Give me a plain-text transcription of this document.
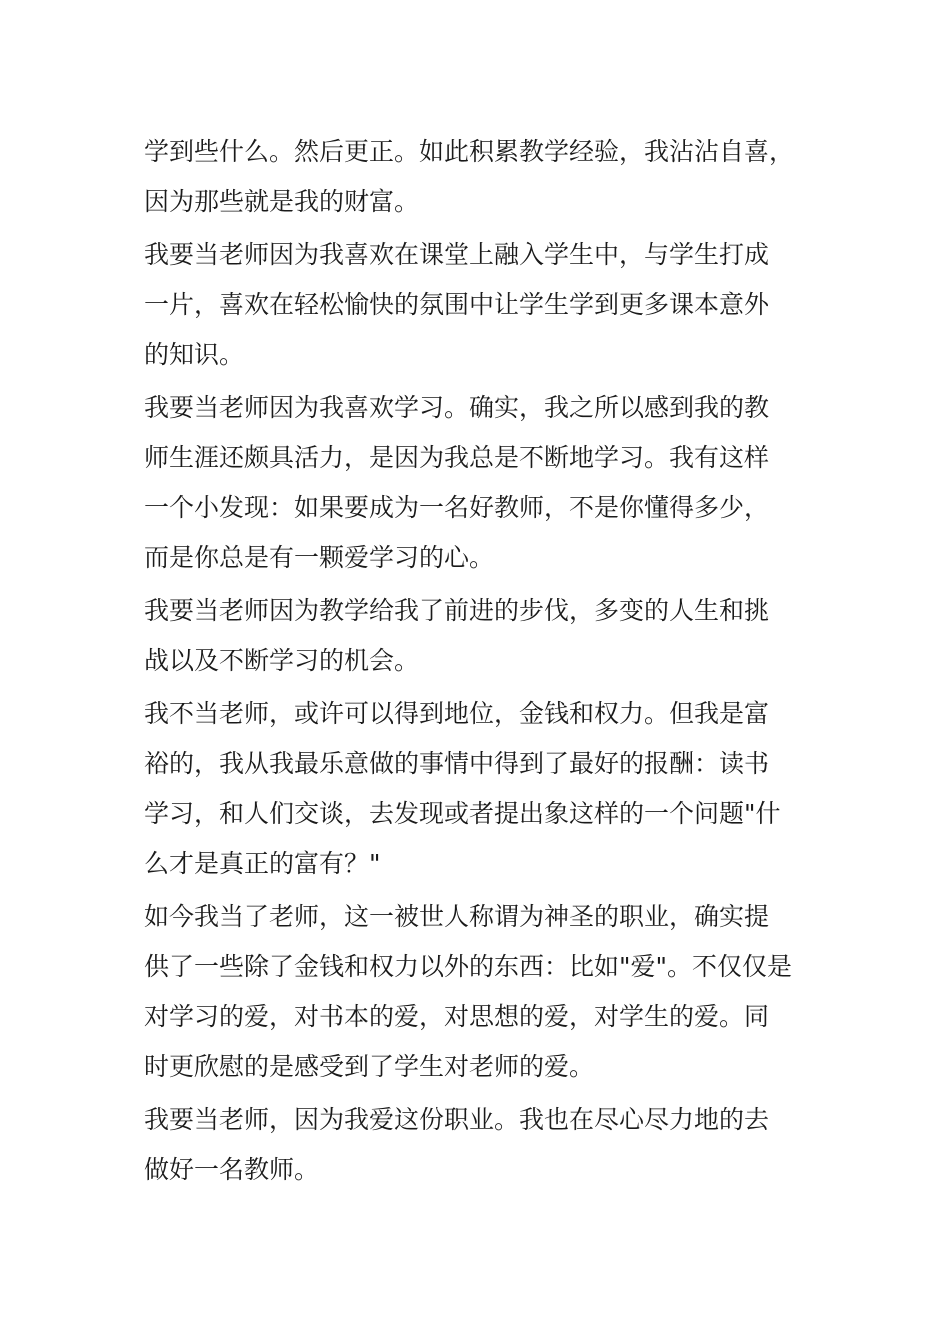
学到些什么。然后更正。如此积累教学经验，我沾沾自喜，
因为那些就是我的财富。

我要当老师因为我喜欢在课堂上融入学生中，与学生打成
一片，喜欢在轻松愉快的氛围中让学生学到更多课本意外
的知识。

我要当老师因为我喜欢学习。确实，我之所以感到我的教
师生涯还颇具活力，是因为我总是不断地学习。我有这样
一个小发现：如果要成为一名好教师，不是你懂得多少，
而是你总是有一颗爱学习的心。

我要当老师因为教学给我了前进的步伐，多变的人生和挑
战以及不断学习的机会。

我不当老师，或许可以得到地位，金钱和权力。但我是富
裕的，我从我最乐意做的事情中得到了最好的报酬：读书
学习，和人们交谈，去发现或者提出象这样的一个问题"什
么才是真正的富有？"

如今我当了老师，这一被世人称谓为神圣的职业，确实提
供了一些除了金钱和权力以外的东西：比如"爱"。不仅仅是
对学习的爱，对书本的爱，对思想的爱，对学生的爱。同
时更欣慰的是感受到了学生对老师的爱。

我要当老师，因为我爱这份职业。我也在尽心尽力地的去
做好一名教师。
